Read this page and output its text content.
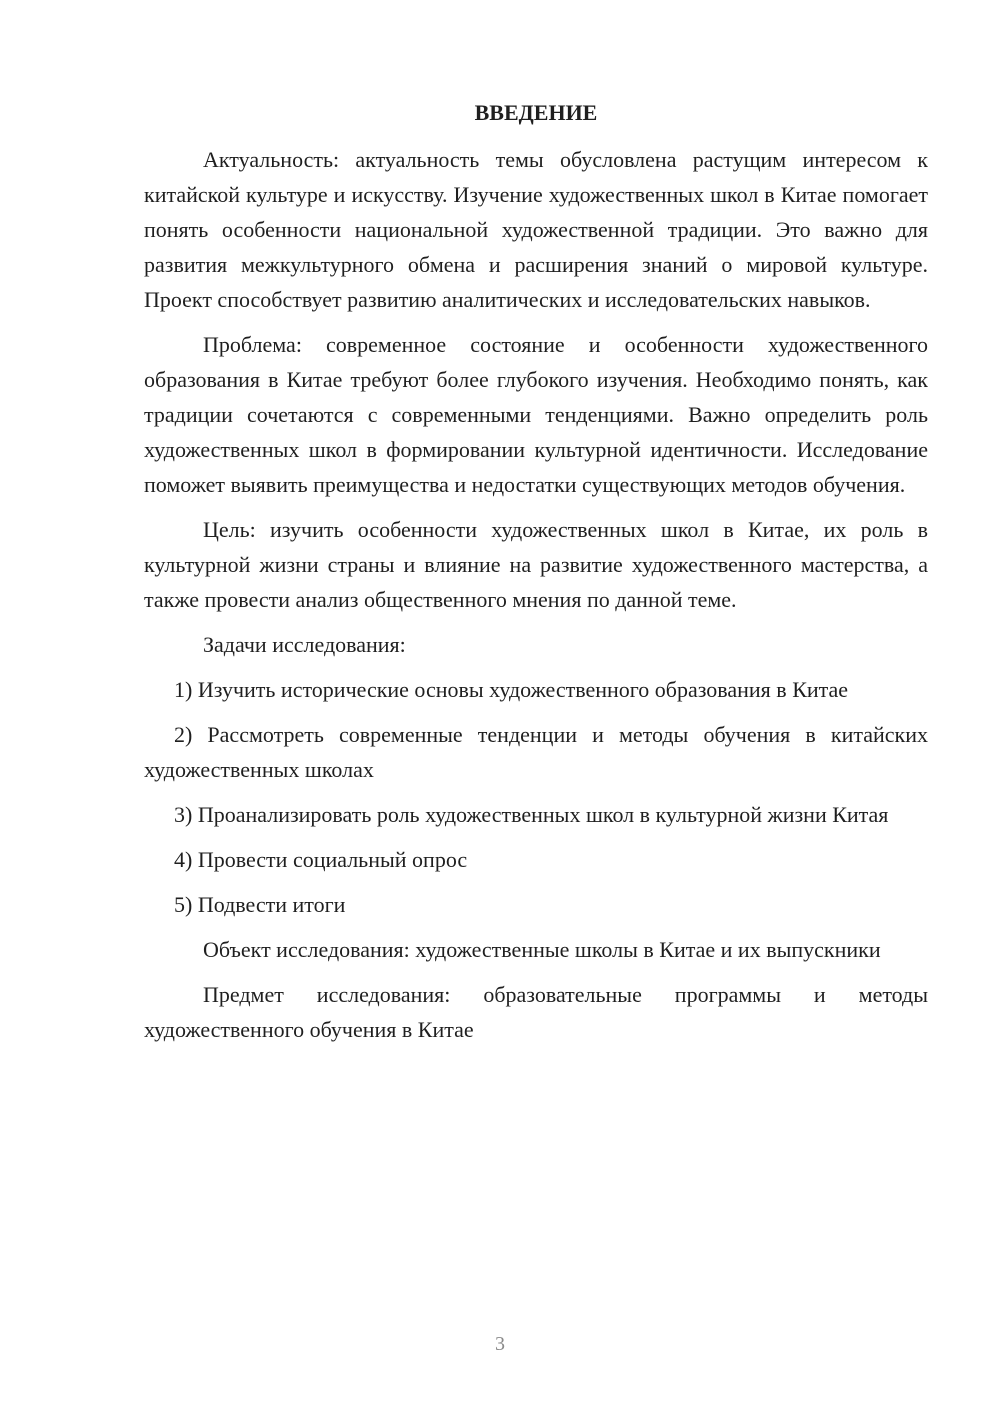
ВВЕДЕНИЕ

Актуальность: актуальность темы обусловлена растущим интересом к китайской культуре и искусству. Изучение художественных школ в Китае помогает понять особенности национальной художественной традиции. Это важно для развития межкультурного обмена и расширения знаний о мировой культуре. Проект способствует развитию аналитических и исследовательских навыков.

Проблема: современное состояние и особенности художественного образования в Китае требуют более глубокого изучения. Необходимо понять, как традиции сочетаются с современными тенденциями. Важно определить роль художественных школ в формировании культурной идентичности. Исследование поможет выявить преимущества и недостатки существующих методов обучения.

Цель: изучить особенности художественных школ в Китае, их роль в культурной жизни страны и влияние на развитие художественного мастерства, а также провести анализ общественного мнения по данной теме.

Задачи исследования:

1) Изучить исторические основы художественного образования в Китае

2) Рассмотреть современные тенденции и методы обучения в китайских художественных школах

3) Проанализировать роль художественных школ в культурной жизни Китая

4) Провести социальный опрос

5) Подвести итоги

Объект исследования: художественные школы в Китае и их выпускники

Предмет исследования: образовательные программы и методы художественного обучения в Китае

3
